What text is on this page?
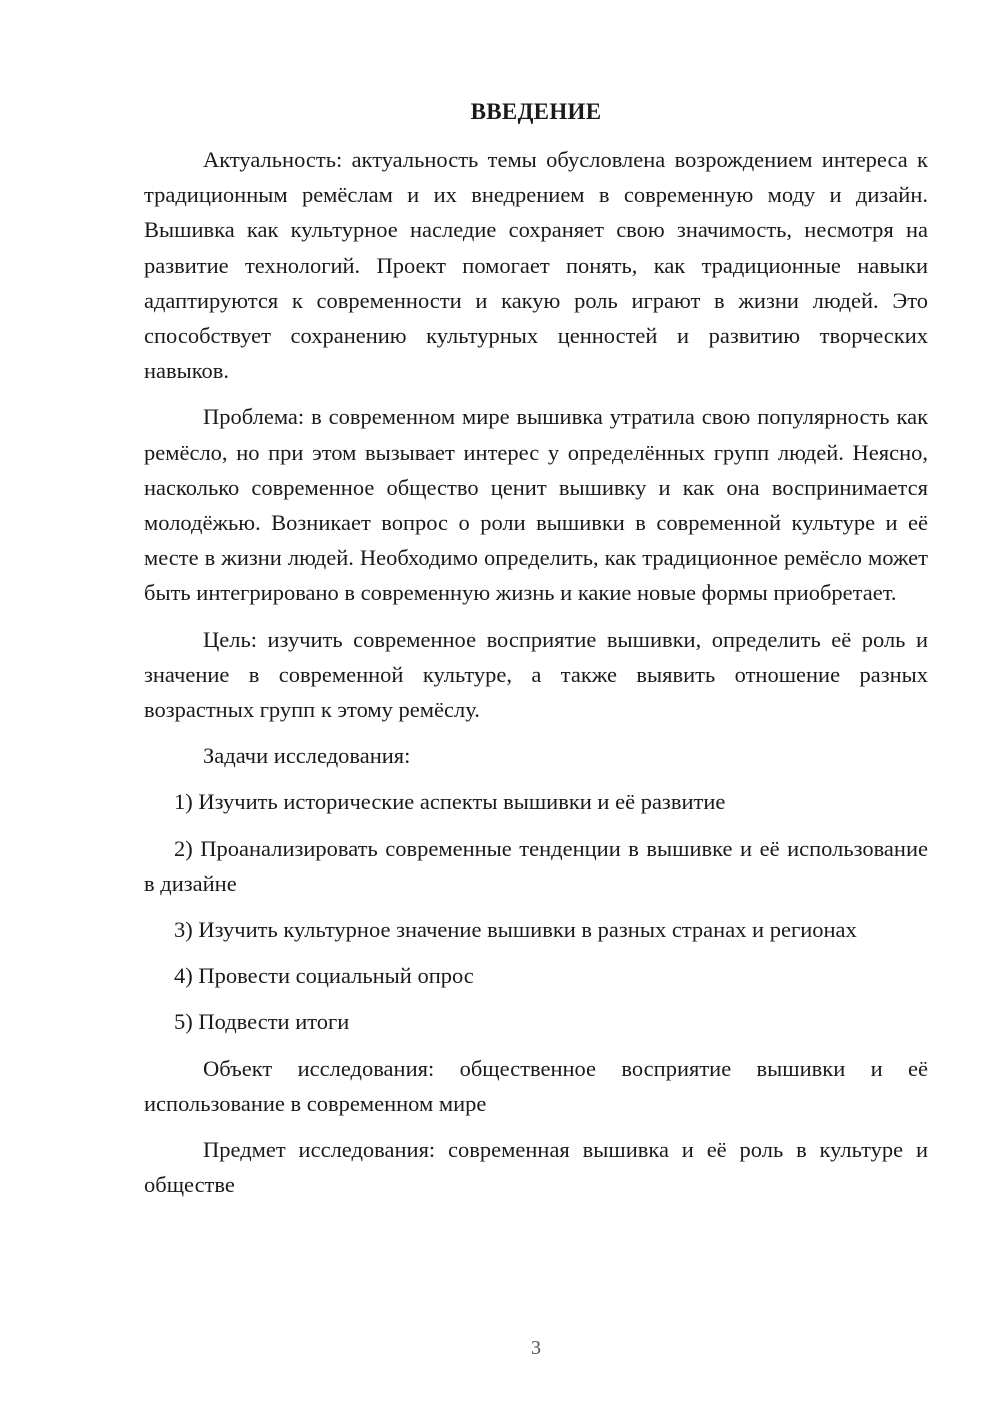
ВВЕДЕНИЕ

Актуальность: актуальность темы обусловлена возрождением интереса к традиционным ремёслам и их внедрением в современную моду и дизайн. Вышивка как культурное наследие сохраняет свою значимость, несмотря на развитие технологий. Проект помогает понять, как традиционные навыки адаптируются к современности и какую роль играют в жизни людей. Это способствует сохранению культурных ценностей и развитию творческих навыков.

Проблема: в современном мире вышивка утратила свою популярность как ремёсло, но при этом вызывает интерес у определённых групп людей. Неясно, насколько современное общество ценит вышивку и как она воспринимается молодёжью. Возникает вопрос о роли вышивки в современной культуре и её месте в жизни людей. Необходимо определить, как традиционное ремёсло может быть интегрировано в современную жизнь и какие новые формы приобретает.

Цель: изучить современное восприятие вышивки, определить её роль и значение в современной культуре, а также выявить отношение разных возрастных групп к этому ремёслу.

Задачи исследования:

1) Изучить исторические аспекты вышивки и её развитие

2) Проанализировать современные тенденции в вышивке и её использование в дизайне

3) Изучить культурное значение вышивки в разных странах и регионах

4) Провести социальный опрос

5) Подвести итоги

Объект исследования: общественное восприятие вышивки и её использование в современном мире

Предмет исследования: современная вышивка и её роль в культуре и обществе

3
